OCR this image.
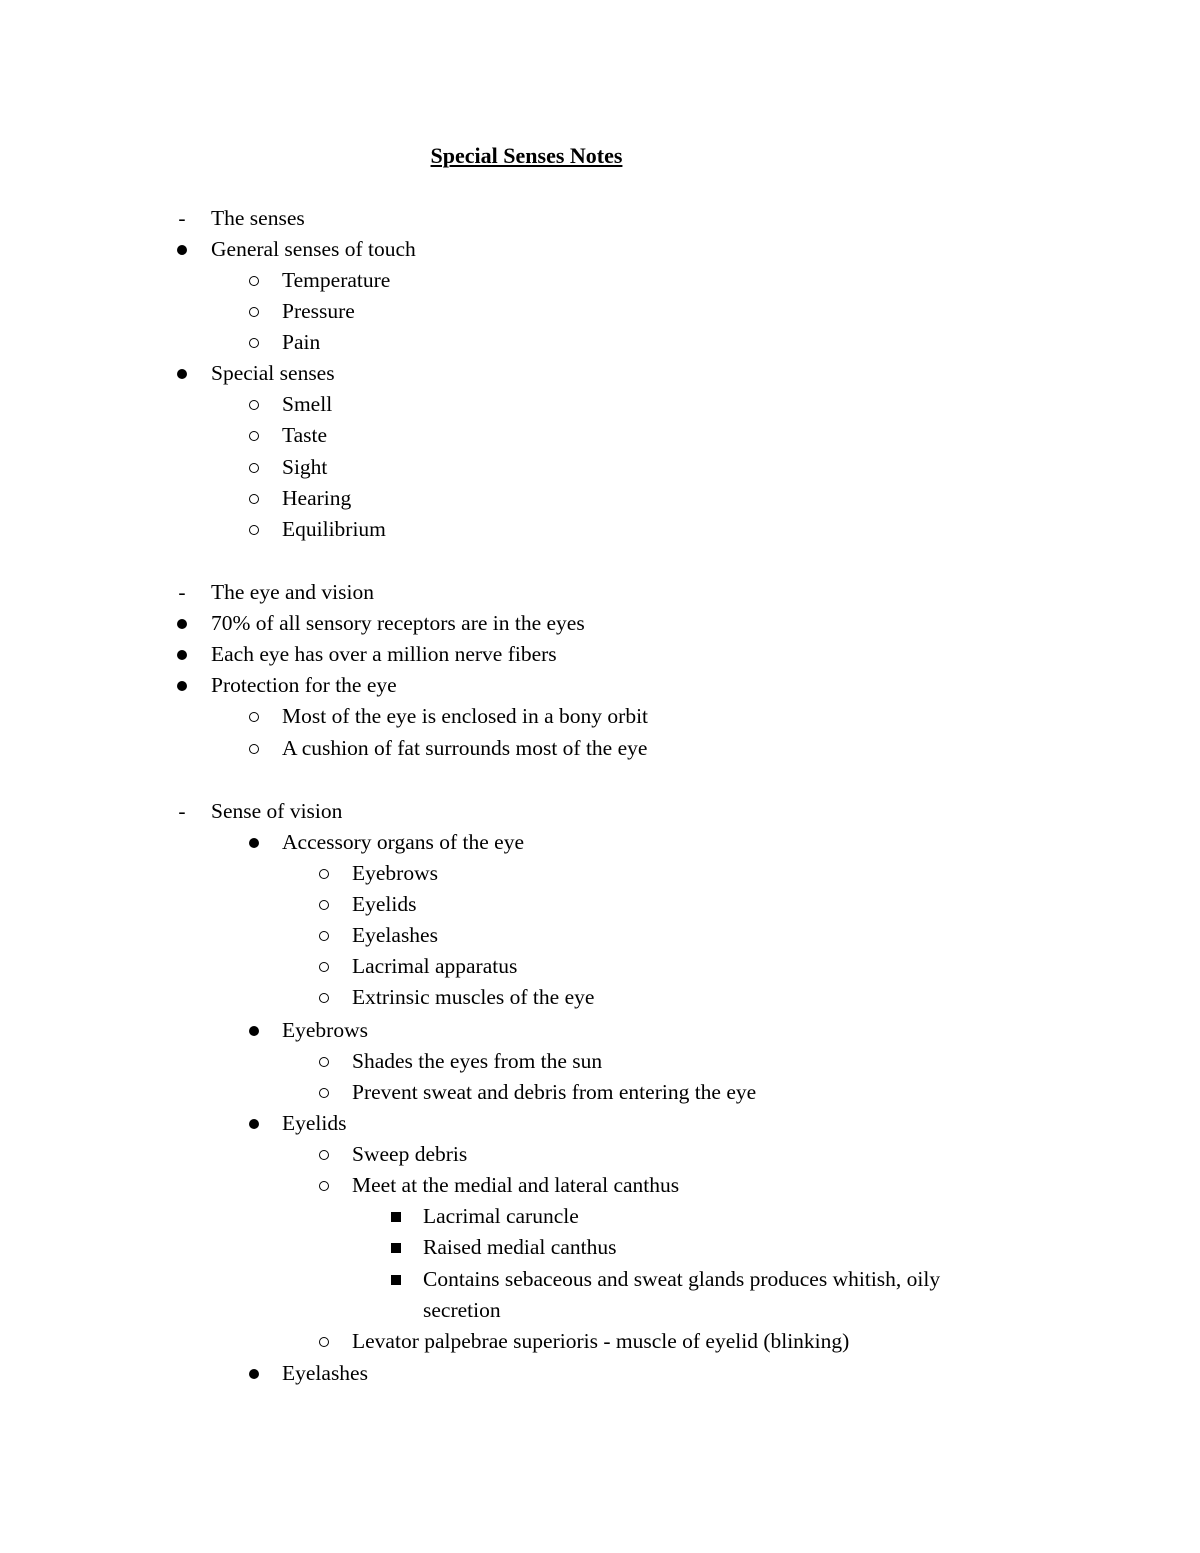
Special Senses Notes
-
The senses
General senses of touch
Temperature
Pressure
Pain
Special senses
Smell
Taste
Sight
Hearing
Equilibrium
-
The eye and vision
70% of all sensory receptors are in the eyes
Each eye has over a million nerve fibers
Protection for the eye
Most of the eye is enclosed in a bony orbit
A cushion of fat surrounds most of the eye
-
Sense of vision
Accessory organs of the eye
Eyebrows
Eyelids
Eyelashes
Lacrimal apparatus
Extrinsic muscles of the eye
Eyebrows
Shades the eyes from the sun
Prevent sweat and debris from entering the eye
Eyelids
Sweep debris
Meet at the medial and lateral canthus
Lacrimal caruncle
Raised medial canthus
Contains sebaceous and sweat glands produces whitish, oily
secretion
Levator palpebrae superioris - muscle of eyelid (blinking)
Eyelashes
